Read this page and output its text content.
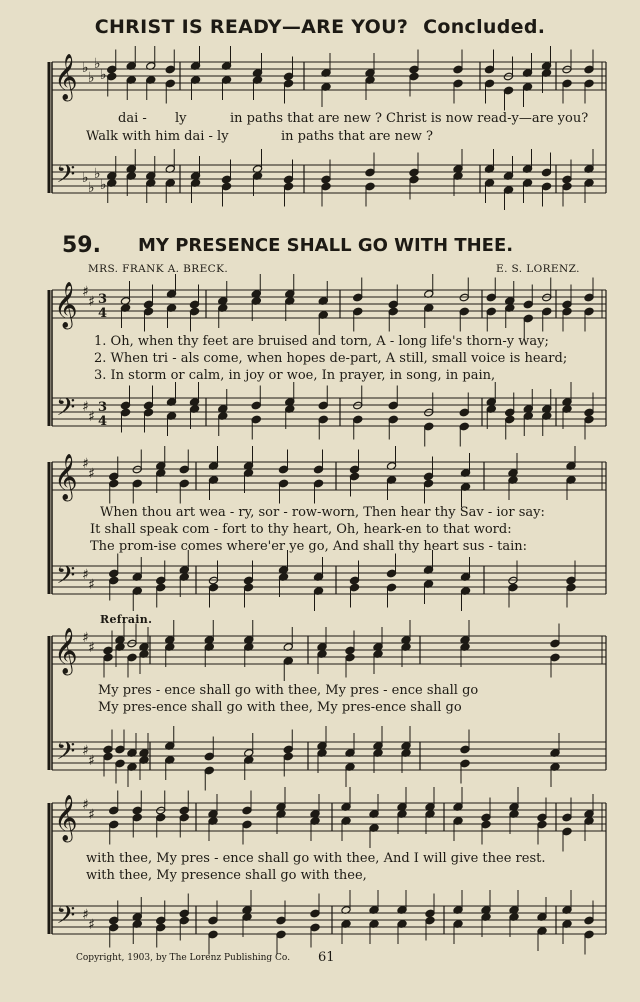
𝄞
𝄢
♭
♭
♭
♭
♭
♭
♭
♭
𝄞
𝄢
♯
♯
♯
♯
3
4
3
4
𝄞
𝄢
♯
♯
♯
♯
𝄞
𝄢
♯
♯
♯
♯
𝄞
𝄢
♯
♯
♯
♯
CHRIST IS READY—ARE YOU? Concluded.
dai - ly	in paths that are new ? Christ is now read-y—are you?
Walk with him dai - ly	in paths that are new ?
59. MY PRESENCE SHALL GO WITH THEE.
MRS. FRANK A. BRECK.	E. S. LORENZ.
1. Oh, when thy feet are bruised and torn, A - long life's thorn-y way;
2. When tri - als come, when hopes de-part, A still, small voice is heard;
3. In storm or calm, in joy or woe, In prayer, in song, in pain,
When thou art wea - ry, sor - row-worn, Then hear thy Sav - ior say:
It shall speak com - fort to thy heart, Oh, heark-en to that word:
The prom-ise comes where'er ye go, And shall thy heart sus - tain:
Refrain.
My pres - ence shall go with thee, My pres - ence shall go
My pres-ence shall go with thee, My pres-ence shall go
with thee, My pres - ence shall go with thee, And I will give thee rest.
with thee, My presence shall go with thee,
Copyright, 1903, by The Lorenz Publishing Co. 61
